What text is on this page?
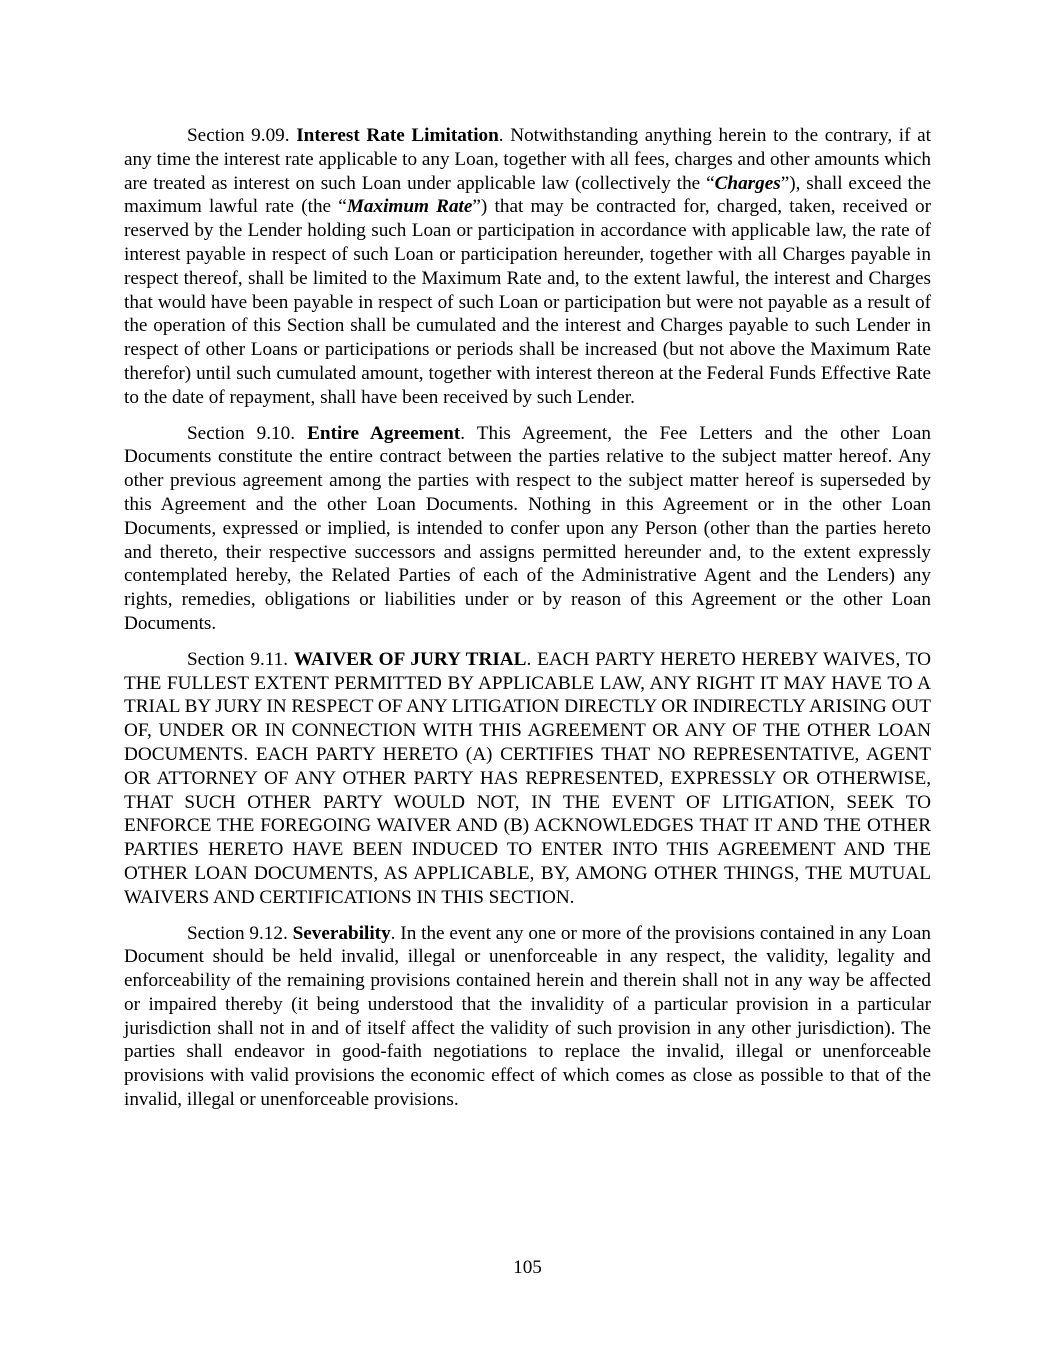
Section 9.09. Interest Rate Limitation. Notwithstanding anything herein to the contrary, if at any time the interest rate applicable to any Loan, together with all fees, charges and other amounts which are treated as interest on such Loan under applicable law (collectively the “Charges”), shall exceed the maximum lawful rate (the “Maximum Rate”) that may be contracted for, charged, taken, received or reserved by the Lender holding such Loan or participation in accordance with applicable law, the rate of interest payable in respect of such Loan or participation hereunder, together with all Charges payable in respect thereof, shall be limited to the Maximum Rate and, to the extent lawful, the interest and Charges that would have been payable in respect of such Loan or participation but were not payable as a result of the operation of this Section shall be cumulated and the interest and Charges payable to such Lender in respect of other Loans or participations or periods shall be increased (but not above the Maximum Rate therefor) until such cumulated amount, together with interest thereon at the Federal Funds Effective Rate to the date of repayment, shall have been received by such Lender.

Section 9.10. Entire Agreement. This Agreement, the Fee Letters and the other Loan Documents constitute the entire contract between the parties relative to the subject matter hereof. Any other previous agreement among the parties with respect to the subject matter hereof is superseded by this Agreement and the other Loan Documents. Nothing in this Agreement or in the other Loan Documents, expressed or implied, is intended to confer upon any Person (other than the parties hereto and thereto, their respective successors and assigns permitted hereunder and, to the extent expressly contemplated hereby, the Related Parties of each of the Administrative Agent and the Lenders) any rights, remedies, obligations or liabilities under or by reason of this Agreement or the other Loan Documents.

Section 9.11. WAIVER OF JURY TRIAL. EACH PARTY HERETO HEREBY WAIVES, TO THE FULLEST EXTENT PERMITTED BY APPLICABLE LAW, ANY RIGHT IT MAY HAVE TO A TRIAL BY JURY IN RESPECT OF ANY LITIGATION DIRECTLY OR INDIRECTLY ARISING OUT OF, UNDER OR IN CONNECTION WITH THIS AGREEMENT OR ANY OF THE OTHER LOAN DOCUMENTS. EACH PARTY HERETO (A) CERTIFIES THAT NO REPRESENTATIVE, AGENT OR ATTORNEY OF ANY OTHER PARTY HAS REPRESENTED, EXPRESSLY OR OTHERWISE, THAT SUCH OTHER PARTY WOULD NOT, IN THE EVENT OF LITIGATION, SEEK TO ENFORCE THE FOREGOING WAIVER AND (B) ACKNOWLEDGES THAT IT AND THE OTHER PARTIES HERETO HAVE BEEN INDUCED TO ENTER INTO THIS AGREEMENT AND THE OTHER LOAN DOCUMENTS, AS APPLICABLE, BY, AMONG OTHER THINGS, THE MUTUAL WAIVERS AND CERTIFICATIONS IN THIS SECTION.

Section 9.12. Severability. In the event any one or more of the provisions contained in any Loan Document should be held invalid, illegal or unenforceable in any respect, the validity, legality and enforceability of the remaining provisions contained herein and therein shall not in any way be affected or impaired thereby (it being understood that the invalidity of a particular provision in a particular jurisdiction shall not in and of itself affect the validity of such provision in any other jurisdiction). The parties shall endeavor in good-faith negotiations to replace the invalid, illegal or unenforceable provisions with valid provisions the economic effect of which comes as close as possible to that of the invalid, illegal or unenforceable provisions.

105
